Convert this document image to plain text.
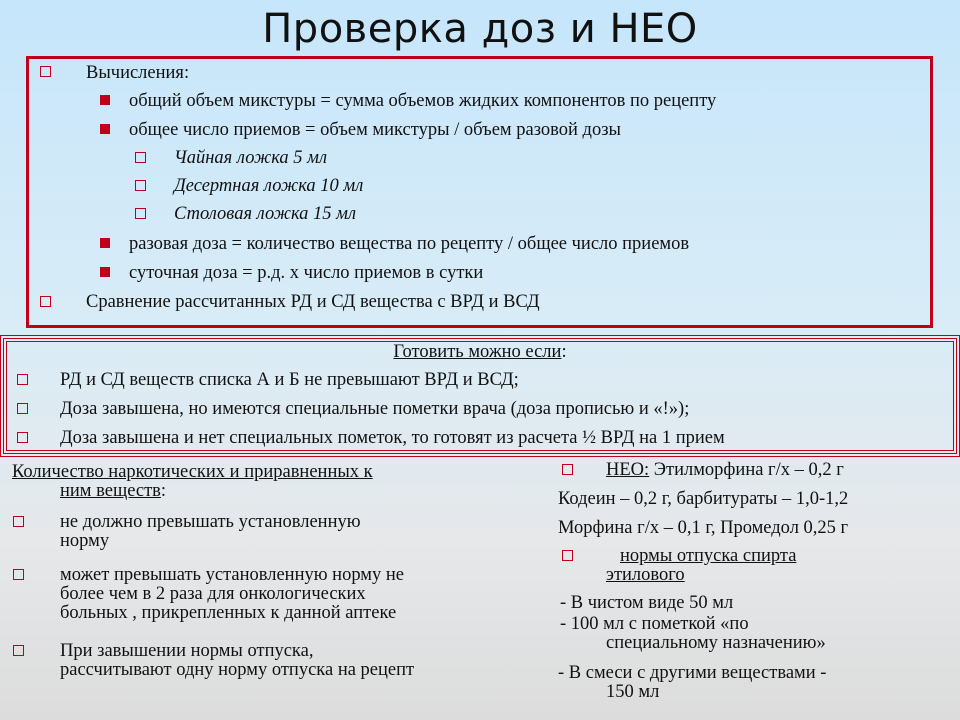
Проверка доз и НЕО
Вычисления:
общий объем микстуры = сумма объемов жидких компонентов по рецепту
общее число приемов = объем микстуры / объем разовой дозы
Чайная ложка 5 мл
Десертная ложка 10 мл
Столовая ложка 15 мл
разовая доза = количество вещества по рецепту / общее число приемов
суточная доза = р.д. х число приемов в сутки
Сравнение рассчитанных РД и СД вещества с ВРД и ВСД
Готовить можно если:
РД и СД веществ списка А и Б не превышают ВРД и ВСД;
Доза завышена, но имеются специальные пометки врача (доза прописью и «!»);
Доза завышена и нет специальных пометок, то готовят из расчета ½ ВРД на 1 прием
Количество наркотических и приравненных к
ним веществ:
не должно превышать установленную
норму
может превышать установленную норму не
более чем в 2 раза для онкологических
больных , прикрепленных к данной аптеке
При завышении нормы отпуска,
рассчитывают одну норму отпуска на рецепт
НЕО: Этилморфина г/х – 0,2 г
Кодеин – 0,2 г, барбитураты – 1,0-1,2
Морфина г/х – 0,1 г, Промедол 0,25 г
нормы отпуска спирта
этилового
- В чистом виде 50 мл
- 100 мл с пометкой «по
специальному назначению»
- В смеси с другими веществами -
150 мл
